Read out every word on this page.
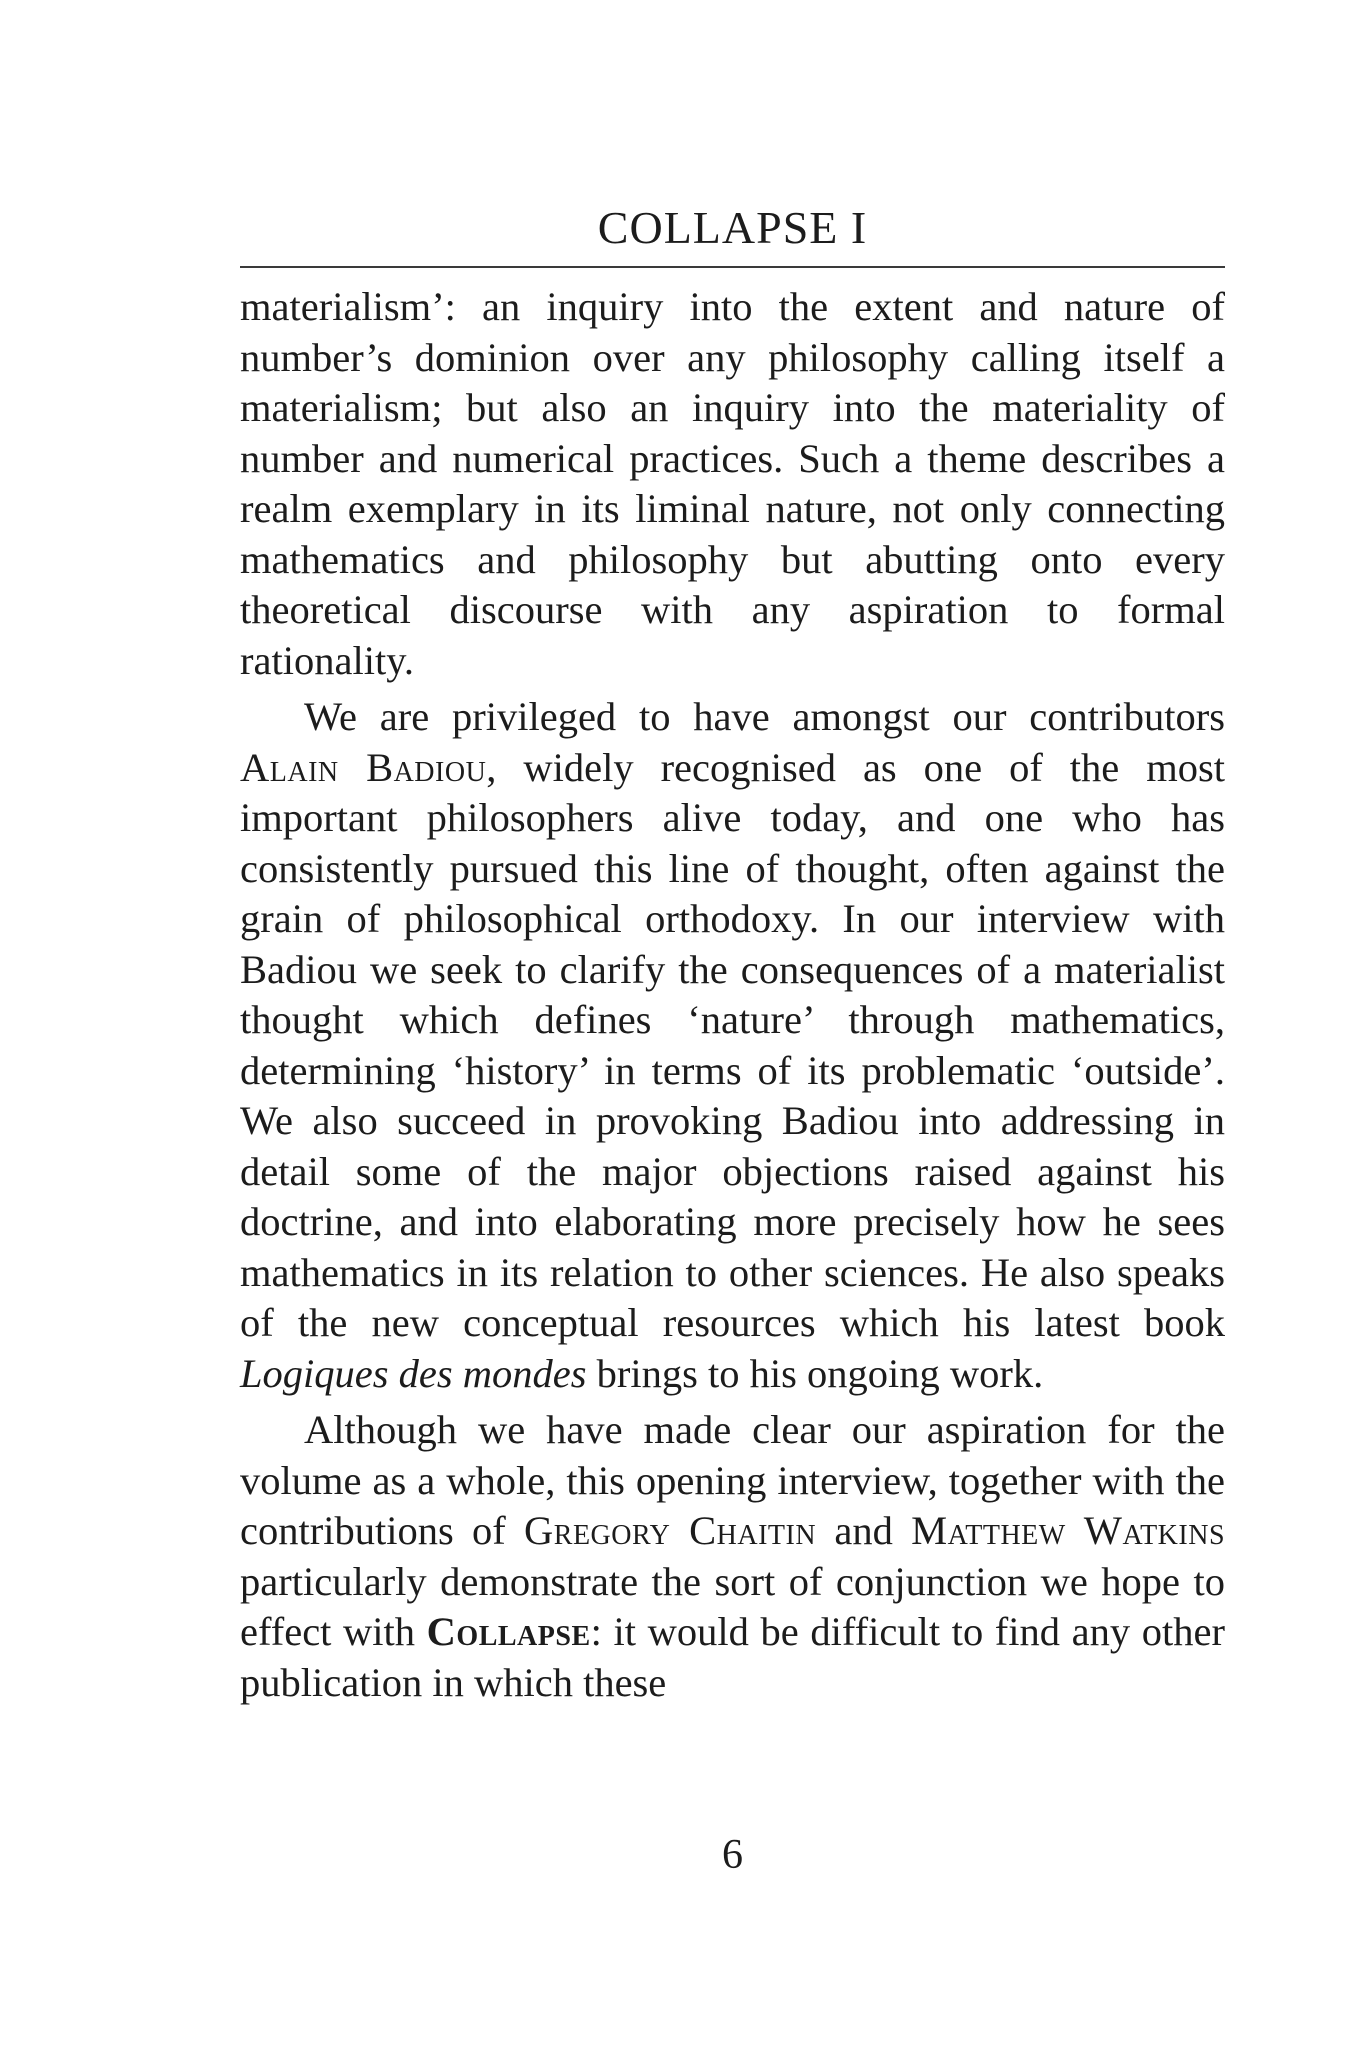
COLLAPSE I

materialism’: an inquiry into the extent and nature of number’s dominion over any philosophy calling itself a materialism; but also an inquiry into the materiality of number and numerical practices. Such a theme describes a realm exemplary in its liminal nature, not only connecting mathematics and philosophy but abutting onto every theoretical discourse with any aspiration to formal rationality.

We are privileged to have amongst our contributors Alain Badiou, widely recognised as one of the most important philosophers alive today, and one who has consistently pursued this line of thought, often against the grain of philosophical orthodoxy. In our interview with Badiou we seek to clarify the consequences of a materialist thought which defines ‘nature’ through mathematics, determining ‘history’ in terms of its problematic ‘outside’. We also succeed in provoking Badiou into addressing in detail some of the major objections raised against his doctrine, and into elaborating more precisely how he sees mathematics in its relation to other sciences. He also speaks of the new conceptual resources which his latest book Logiques des mondes brings to his ongoing work.

Although we have made clear our aspiration for the volume as a whole, this opening interview, together with the contributions of Gregory Chaitin and Matthew Watkins particularly demonstrate the sort of conjunction we hope to effect with Collapse: it would be difficult to find any other publication in which these

6
